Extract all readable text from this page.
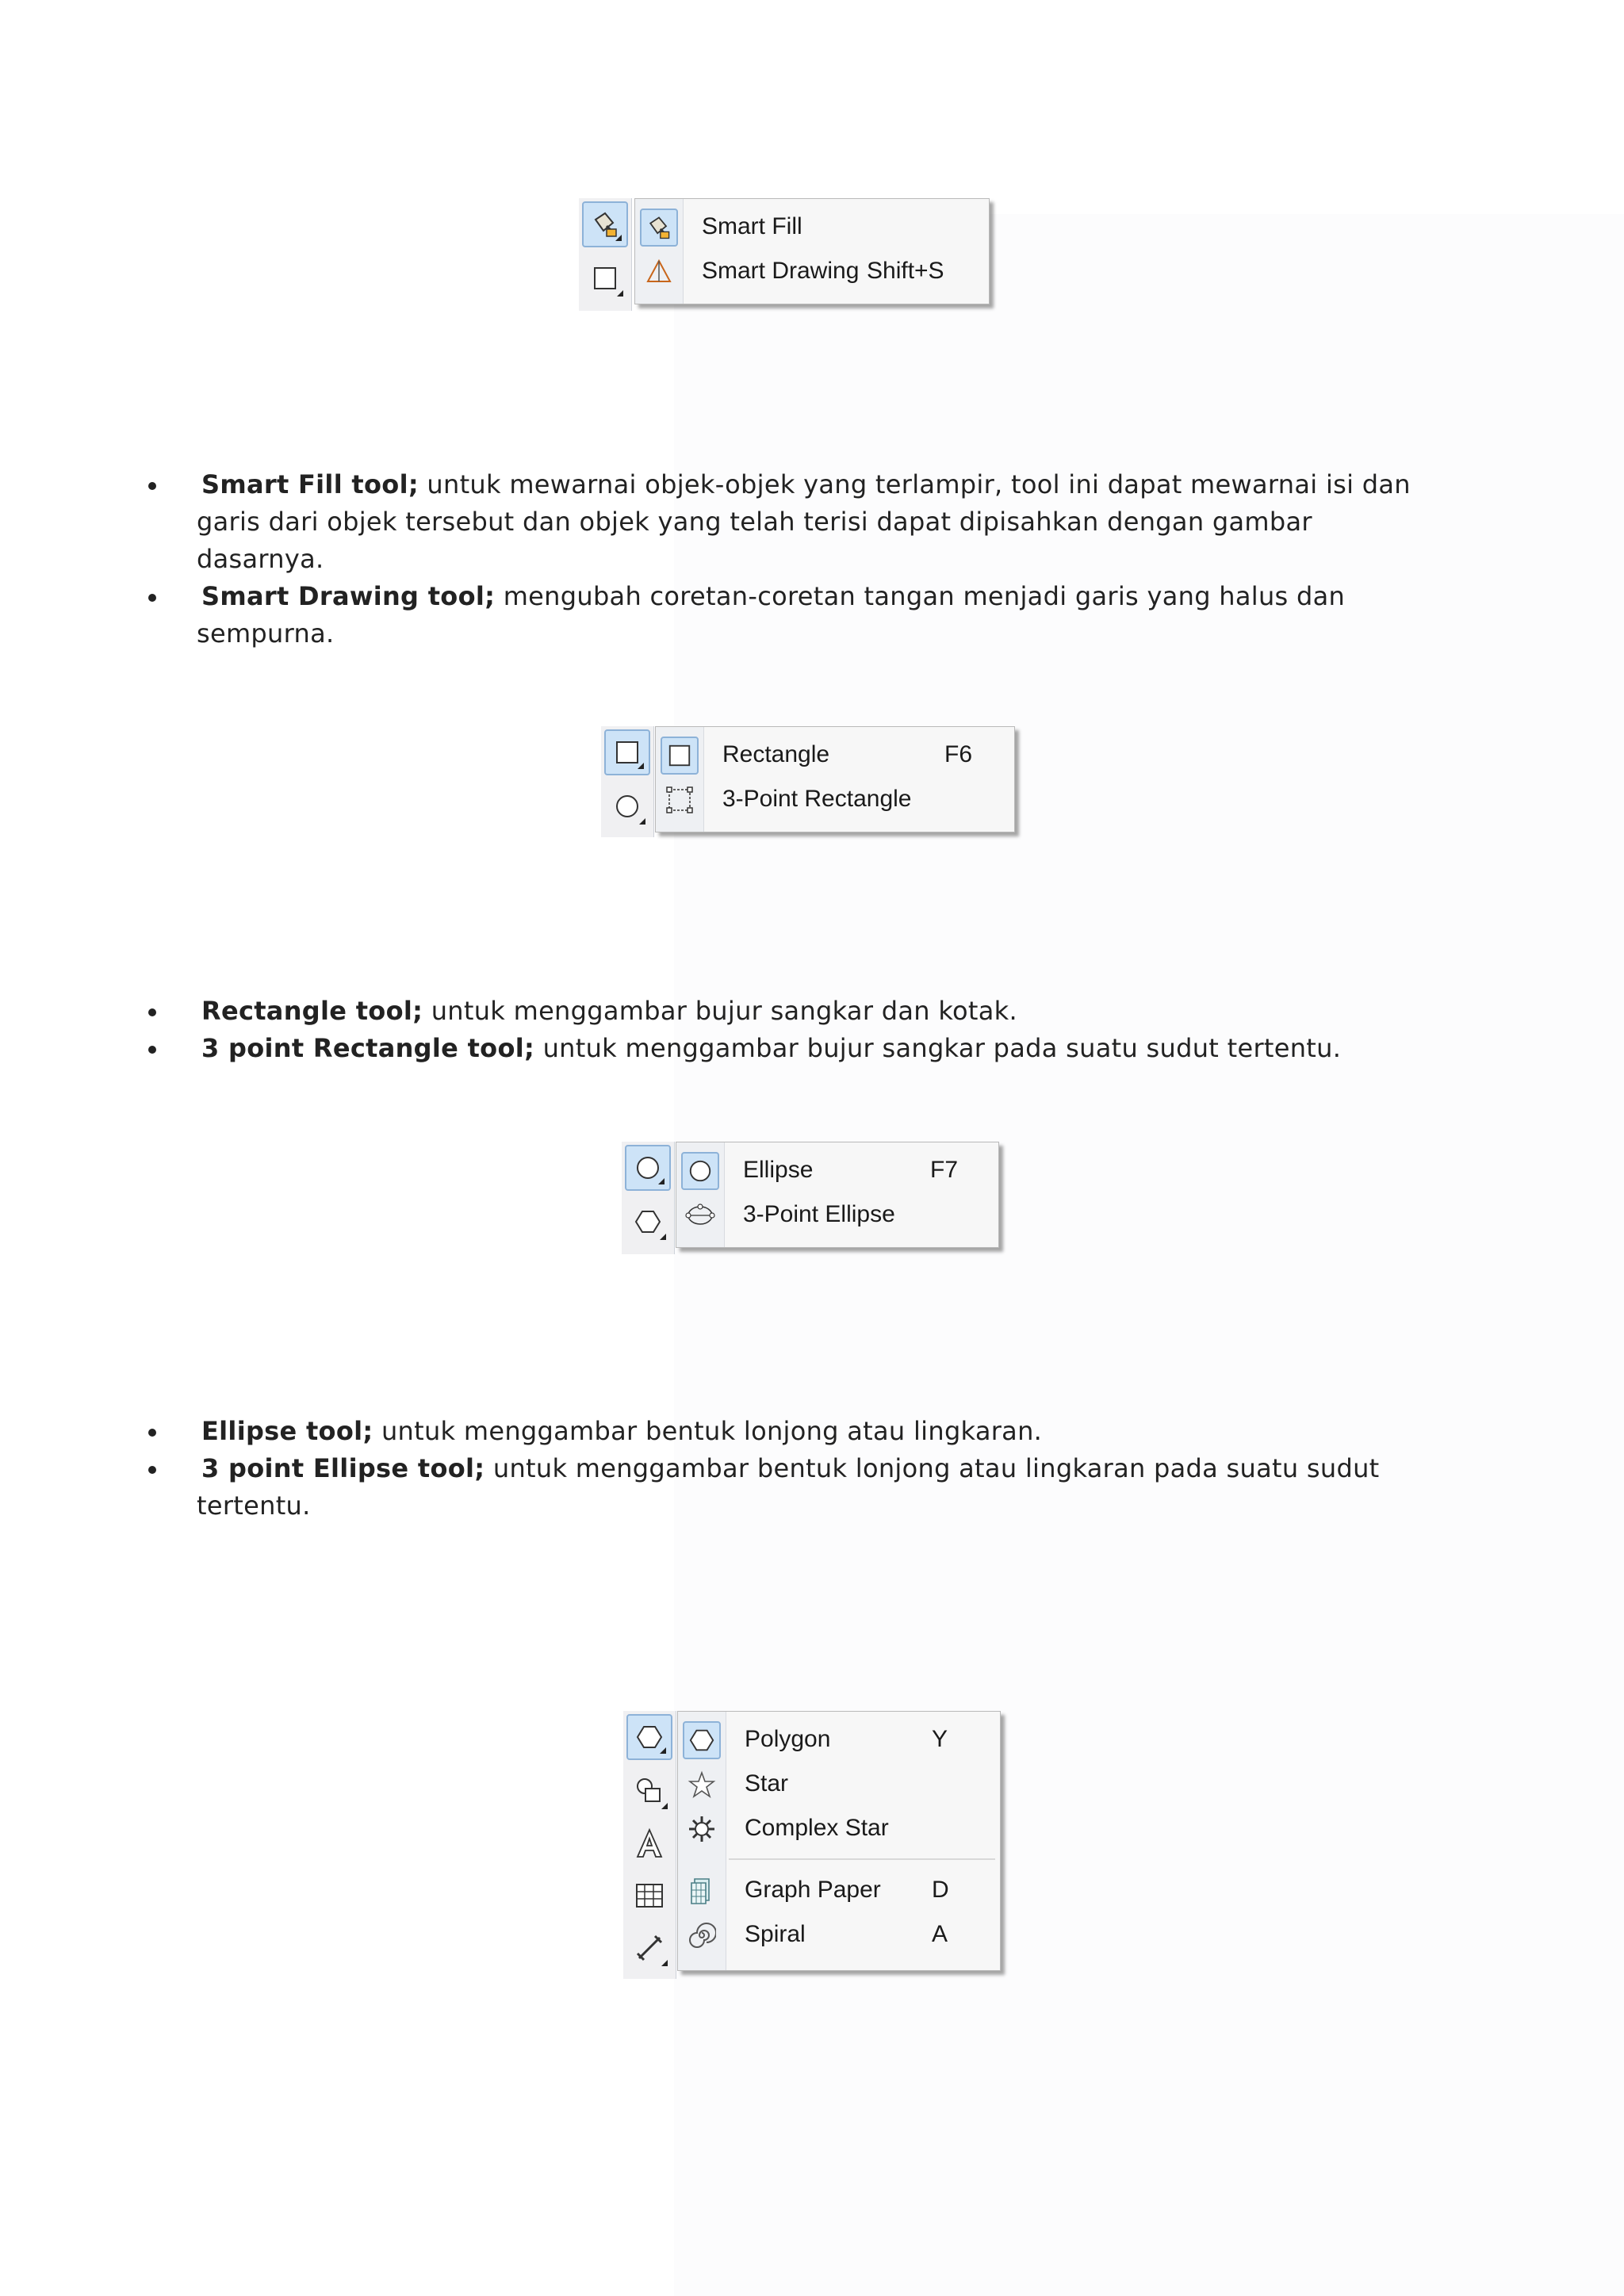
Smart Fill
Smart Drawing Shift+S
Smart Fill tool; untuk mewarnai objek-objek yang terlampir, tool ini dapat mewarnai isi dan garis dari objek tersebut dan objek yang telah terisi dapat dipisahkan dengan gambar dasarnya.
Smart Drawing tool; mengubah coretan-coretan tangan menjadi garis yang halus dan sempurna.
Rectangle	F6
3-Point Rectangle
Rectangle tool; untuk menggambar bujur sangkar dan kotak.
3 point Rectangle tool; untuk menggambar bujur sangkar pada suatu sudut tertentu.
Ellipse	F7
3-Point Ellipse
Ellipse tool; untuk menggambar bentuk lonjong atau lingkaran.
3 point Ellipse tool; untuk menggambar bentuk lonjong atau lingkaran pada suatu sudut tertentu.
Polygon	Y
Star
Complex Star
Graph Paper D
Spiral	A
